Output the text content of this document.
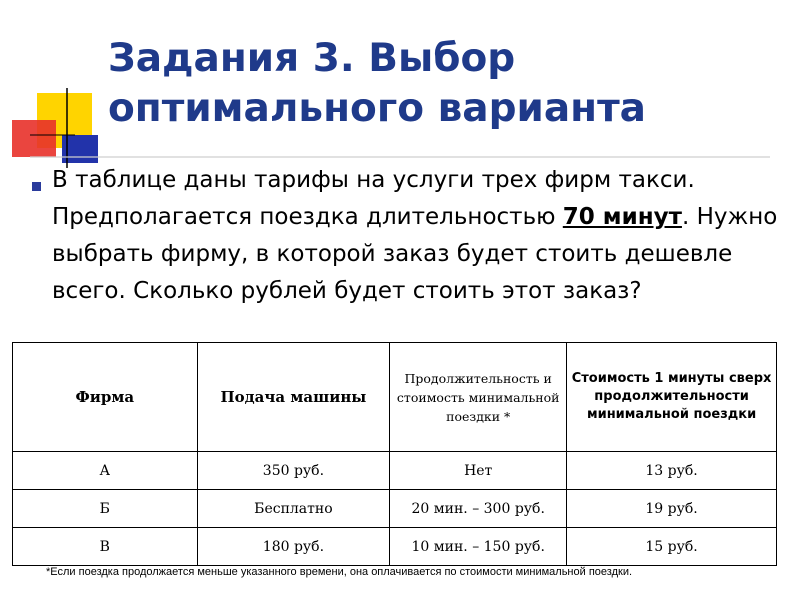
Задания 3. Выбор
оптимального варианта

В таблице даны тарифы на услуги трех фирм такси. Предполагается поездка длительностью 70 минут. Нужно выбрать фирму, в которой заказ будет стоить дешевле всего. Сколько рублей будет стоить этот заказ?

Фирма	Подача машины	Продолжительность и стоимость минимальной поездки *	Стоимость 1 минуты сверх продолжительности минимальной поездки
А	350 руб.	Нет	13 руб.
Б	Бесплатно	20 мин. – 300 руб.	19 руб.
В	180 руб.	10 мин. – 150 руб.	15 руб.
*Если поездка продолжается меньше указанного времени, она оплачивается по стоимости минимальной поездки.
